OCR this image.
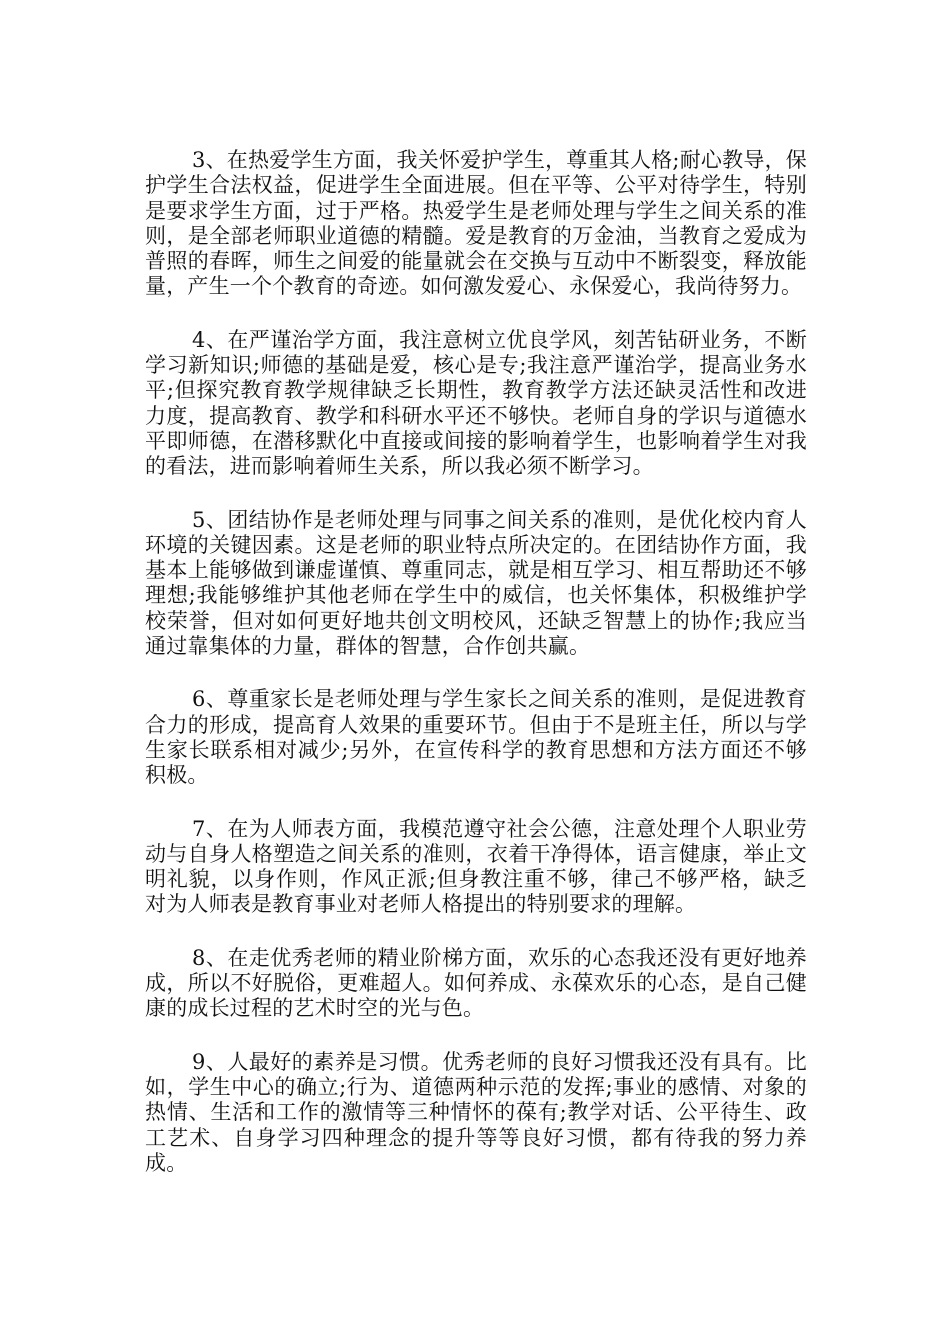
3、在热爱学生方面，我关怀爱护学生，尊重其人格;耐心教导，保护学生合法权益，促进学生全面进展。但在平等、公平对待学生，特别是要求学生方面，过于严格。热爱学生是老师处理与学生之间关系的准则，是全部老师职业道德的精髓。爱是教育的万金油，当教育之爱成为普照的春晖，师生之间爱的能量就会在交换与互动中不断裂变，释放能量，产生一个个教育的奇迹。如何激发爱心、永保爱心，我尚待努力。

4、在严谨治学方面，我注意树立优良学风，刻苦钻研业务，不断学习新知识;师德的基础是爱，核心是专;我注意严谨治学，提高业务水平;但探究教育教学规律缺乏长期性，教育教学方法还缺灵活性和改进力度，提高教育、教学和科研水平还不够快。老师自身的学识与道德水平即师德，在潜移默化中直接或间接的影响着学生，也影响着学生对我的看法，进而影响着师生关系，所以我必须不断学习。

5、团结协作是老师处理与同事之间关系的准则，是优化校内育人环境的关键因素。这是老师的职业特点所决定的。在团结协作方面，我基本上能够做到谦虚谨慎、尊重同志，就是相互学习、相互帮助还不够理想;我能够维护其他老师在学生中的威信，也关怀集体，积极维护学校荣誉，但对如何更好地共创文明校风，还缺乏智慧上的协作;我应当通过靠集体的力量，群体的智慧，合作创共赢。

6、尊重家长是老师处理与学生家长之间关系的准则，是促进教育合力的形成，提高育人效果的重要环节。但由于不是班主任，所以与学生家长联系相对减少;另外，在宣传科学的教育思想和方法方面还不够积极。

7、在为人师表方面，我模范遵守社会公德，注意处理个人职业劳动与自身人格塑造之间关系的准则，衣着干净得体，语言健康，举止文明礼貌，以身作则，作风正派;但身教注重不够，律己不够严格，缺乏对为人师表是教育事业对老师人格提出的特别要求的理解。

8、在走优秀老师的精业阶梯方面，欢乐的心态我还没有更好地养成，所以不好脱俗，更难超人。如何养成、永葆欢乐的心态，是自己健康的成长过程的艺术时空的光与色。

9、人最好的素养是习惯。优秀老师的良好习惯我还没有具有。比如，学生中心的确立;行为、道德两种示范的发挥;事业的感情、对象的热情、生活和工作的激情等三种情怀的葆有;教学对话、公平待生、政工艺术、自身学习四种理念的提升等等良好习惯，都有待我的努力养成。
